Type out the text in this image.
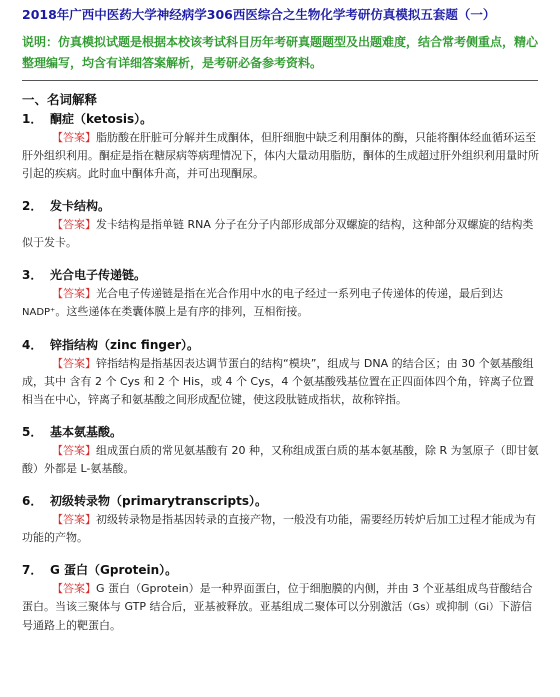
2018年广西中医药大学神经病学306西医综合之生物化学考研仿真模拟五套题（一）
说明：仿真模拟试题是根据本校该考试科目历年考研真题题型及出题难度，结合常考侧重点，精心整理编写，均含有详细答案解析，是考研必备参考资料。
一、名词解释
1． 酮症（ketosis）。
【答案】脂肪酸在肝脏可分解并生成酮体，但肝细胞中缺乏利用酮体的酶，只能将酮体经血循环运至肝外组织利用。酮症是指在糖尿病等病理情况下，体内大量动用脂肪，酮体的生成超过肝外组织利用量时所引起的疾病。此时血中酮体升高，并可出现酮尿。
2． 发卡结构。
【答案】发卡结构是指单链 RNA 分子在分子内部形成部分双螺旋的结构，这种部分双螺旋的结构类似于发卡。
3． 光合电子传递链。
【答案】光合电子传递链是指在光合作用中水的电子经过一系列电子传递体的传递，最后到达NADP⁺。这些递体在类囊体膜上是有序的排列，互相衔接。
4． 锌指结构（zinc finger）。
【答案】锌指结构是指基因表达调节蛋白的结构“模块”，组成与 DNA 的结合区；由 30 个氨基酸组成，其中 含有 2 个 Cys 和 2 个 His，或 4 个 Cys，4 个氨基酸残基位置在正四面体四个角，锌离子位置相当在中心，锌离子和氨基酸之间形成配位键，使这段肽链成指状，故称锌指。
5． 基本氨基酸。
【答案】组成蛋白质的常见氨基酸有 20 种，又称组成蛋白质的基本氨基酸，除 R 为氢原子（即甘氨酸）外都是 L-氨基酸。
6． 初级转录物（primarytranscripts）。
【答案】初级转录物是指基因转录的直接产物，一般没有功能，需要经历转炉后加工过程才能成为有功能的产物。
7． G 蛋白（Gprotein）。
【答案】G 蛋白（Gprotein）是一种界面蛋白，位于细胞膜的内侧，并由 3 个亚基组成鸟苷酸结合蛋白。当该三聚体与 GTP 结合后，亚基被释放。亚基组成二聚体可以分别激活（Gs）或抑制（Gi）下游信号通路上的靶蛋白。
